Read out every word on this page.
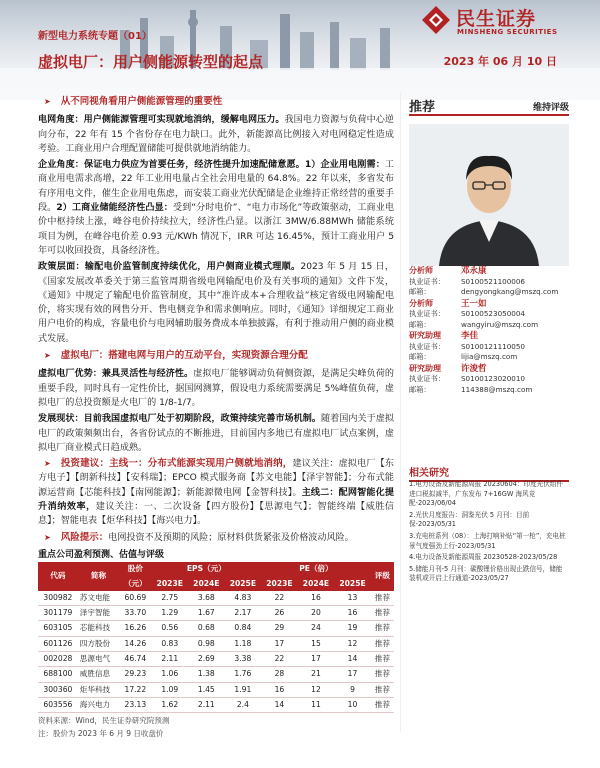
民生证券
MINSHENG SECURITIES
新型电力系统专题（01）
虚拟电厂：用户侧能源转型的起点	2023 年 06 月 10 日
➤ 从不同视角看用户侧能源管理的重要性
电网角度：用户侧能源管理可实现就地消纳，缓解电网压力。我国电力资源与负荷中心逆向分布，22 年有 15 个省份存在电力缺口。此外，新能源高比例接入对电网稳定性造成考验。工商业用户合理配置储能可提供就地消纳能力。
企业角度：保证电力供应为首要任务，经济性提升加速配储意愿。1）企业用电刚需：工商业用电需求高增，22 年工业用电量占全社会用电量的 64.8%。22 年以来，多省发布有序用电文件，催生企业用电焦虑，而安装工商业光伏配储是企业维持正常经营的重要手段。2）工商业储能经济性凸显：受到“分时电价”、“电力市场化”等政策驱动，工商业电价中枢持续上涨，峰谷电价持续拉大，经济性凸显。以浙江 3MW/6.88MWh 储能系统项目为例，在峰谷电价差 0.93 元/KWh 情况下，IRR 可达 16.45%，预计工商业用户 5 年可以收回投资，具备经济性。
政策层面：输配电价监管制度持续优化，用户侧商业模式理顺。2023 年 5 月 15 日，《国家发展改革委关于第三监管周期省级电网输配电价及有关事项的通知》文件下发，《通知》中规定了输配电价监管制度，其中“准许成本+合理收益”核定省级电网输配电价，将实现有效的网售分开、售电侧竞争和需求侧响应。同时，《通知》详细规定工商业用户电价的构成，容量电价与电网辅助服务费成本单独披露，有利于推动用户侧的商业模式发展。
➤ 虚拟电厂：搭建电网与用户的互动平台，实现资源合理分配
虚拟电厂优势：兼具灵活性与经济性。虚拟电厂能够调动负荷侧资源，是满足尖峰负荷的重要手段，同时具有一定性价比，据国网测算，假设电力系统需要满足 5%峰值负荷，虚拟电厂的总投资额是火电厂的 1/8-1/7。
发展现状：目前我国虚拟电厂处于初期阶段，政策持续完善市场机制。随着国内关于虚拟电厂的政策频频出台，各省份试点的不断推进，目前国内多地已有虚拟电厂试点案例，虚拟电厂商业模式日趋成熟。
➤ 投资建议：主线一：分布式能源实现用户侧就地消纳，建议关注：虚拟电厂【东方电子】【朗新科技】【安科瑞】；EPCO 模式服务商【苏文电能】【泽宇智能】；分布式能源运营商【芯能科技】【南网能源】；新能源微电网【金智科技】。主线二：配网智能化提升消纳效率，建议关注：一、二次设备【四方股份】【思源电气】；智能终端【威胜信息】；智能电表【炬华科技】【海兴电力】。
➤ 风险提示：电网投资不及预期的风险；原材料供货紧张及价格波动风险。
重点公司盈利预测、估值与评级
代码	简称	股价	EPS（元）			PE（倍）			评级
		（元）	2023E	2024E	2025E	2023E	2024E	2025E	
300982	苏文电能	60.69	2.75	3.68	4.83	22	16	13	推荐
301179	泽宇智能	33.70	1.29	1.67	2.17	26	20	16	推荐
603105	芯能科技	16.26	0.56	0.68	0.84	29	24	19	推荐
601126	四方股份	14.26	0.83	0.98	1.18	17	15	12	推荐
002028	思源电气	46.74	2.11	2.69	3.38	22	17	14	推荐
688100	威胜信息	29.23	1.06	1.38	1.76	28	21	17	推荐
300360	炬华科技	17.22	1.09	1.45	1.91	16	12	9	推荐
603556	海兴电力	23.13	1.62	2.11	2.4	14	11	10	推荐
资料来源：Wind，民生证券研究院预测
注：股价为 2023 年 6 月 9 日收盘价
推荐	维持评级
分析师	邓永康
执业证书：	S0100521100006
邮箱：	dengyongkang@mszq.com
分析师	王一如
执业证书：	S0100523050004
邮箱：	wangyiru@mszq.com
研究助理	李佳
执业证书：	S0100121110050
邮箱：	lijia@mszq.com
研究助理	许浚哲
执业证书：	S0100123020010
邮箱：	114388@mszq.com
相关研究
1.电力设备及新能源周报 20230604：印度光伏组件进口税拟减半，广东发布 7+16GW 海风竞配-2023/06/04
2.光伏月度报告：洞鉴光伏 5 月刊：目前保-2023/05/31
3.充电桩系列（08）：上海打响补贴“第一枪”，充电桩景气度强劲上行-2023/05/31
4.电力设备及新能源周报 20230528-2023/05/28
5.储能月刊-5 月刊：碳酸锂价格出现止跌信号，储能装机或开启上行通道-2023/05/27
